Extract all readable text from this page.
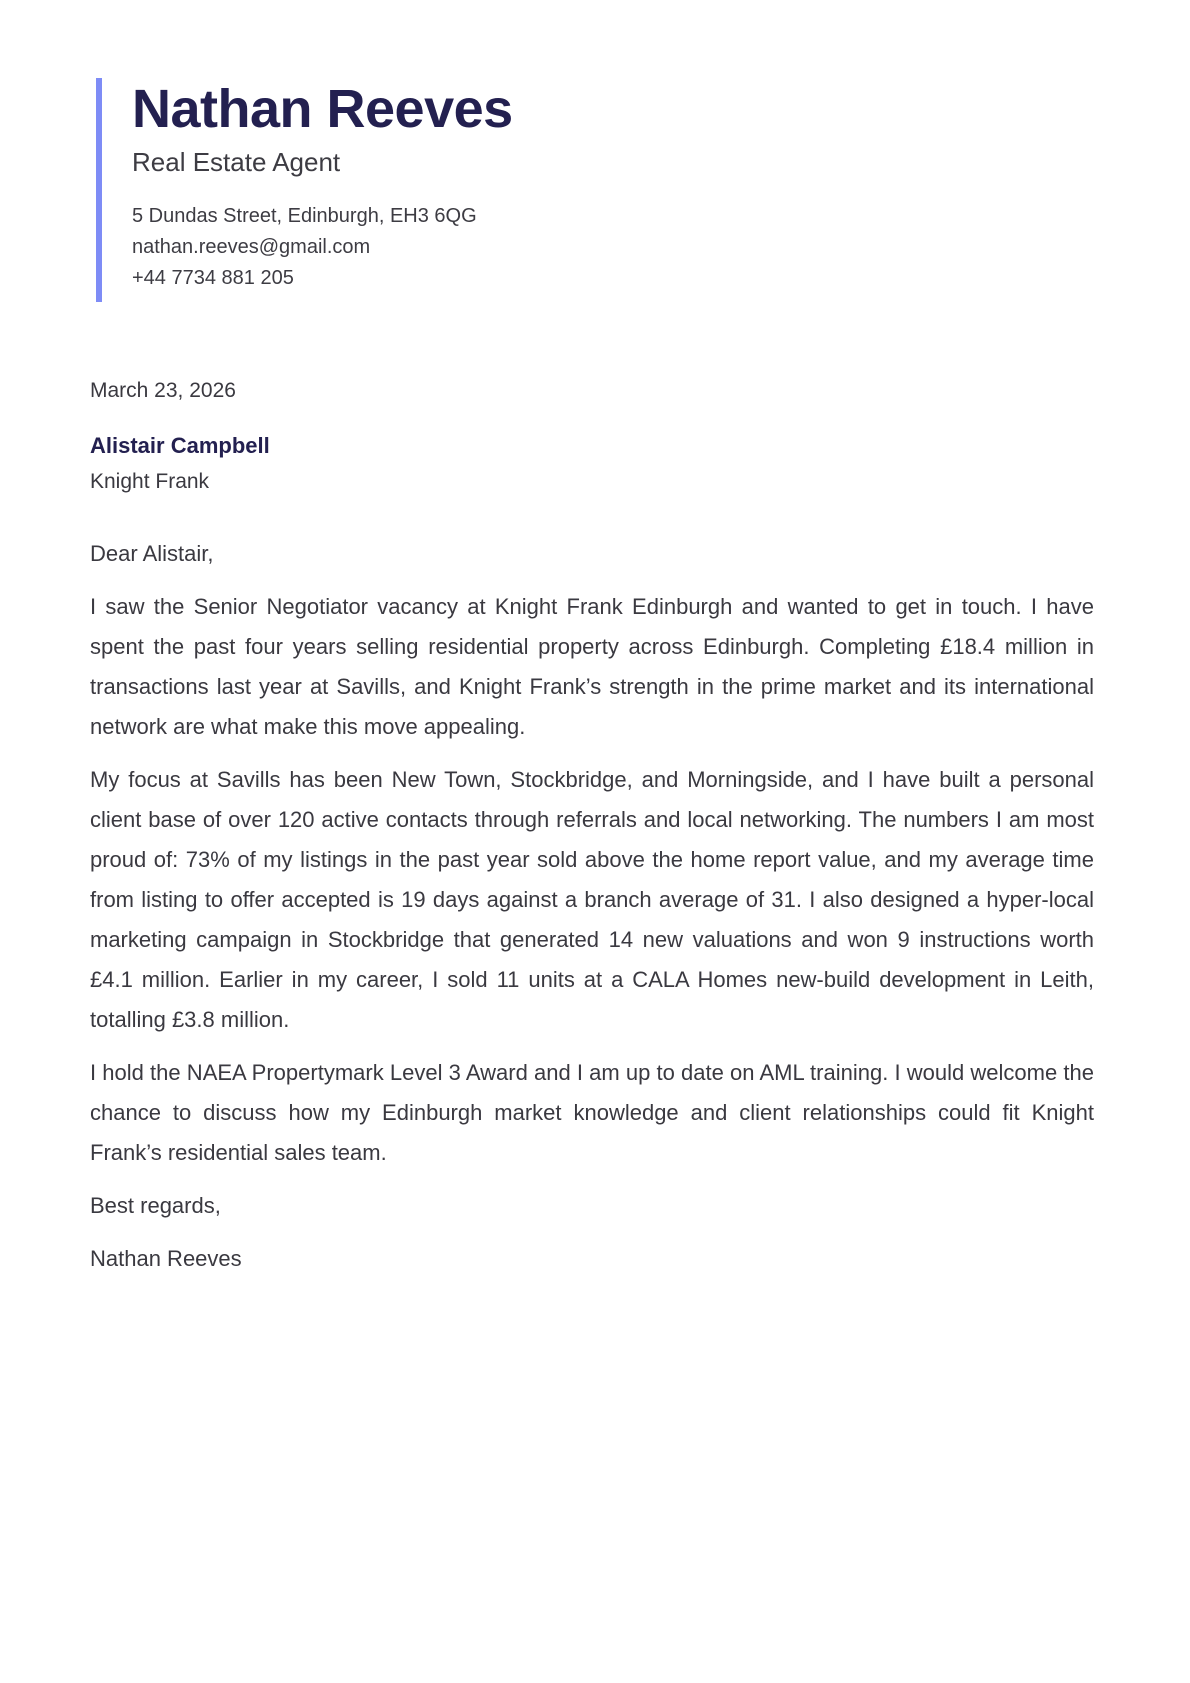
Nathan Reeves
Real Estate Agent
5 Dundas Street, Edinburgh, EH3 6QG
nathan.reeves@gmail.com
+44 7734 881 205
March 23, 2026
Alistair Campbell
Knight Frank

Dear Alistair,

I saw the Senior Negotiator vacancy at Knight Frank Edinburgh and wanted to get in touch. I have spent the past four years selling residential property across Edinburgh. Completing £18.4 million in transactions last year at Savills, and Knight Frank’s strength in the prime market and its international network are what make this move appealing.

My focus at Savills has been New Town, Stockbridge, and Morningside, and I have built a personal client base of over 120 active contacts through referrals and local networking. The numbers I am most proud of: 73% of my listings in the past year sold above the home report value, and my average time from listing to offer accepted is 19 days against a branch average of 31. I also designed a hyper-local marketing campaign in Stockbridge that generated 14 new valuations and won 9 instructions worth £4.1 million. Earlier in my career, I sold 11 units at a CALA Homes new-build development in Leith, totalling £3.8 million.

I hold the NAEA Propertymark Level 3 Award and I am up to date on AML training. I would welcome the chance to discuss how my Edinburgh market knowledge and client relationships could fit Knight Frank’s residential sales team.

Best regards,

Nathan Reeves
